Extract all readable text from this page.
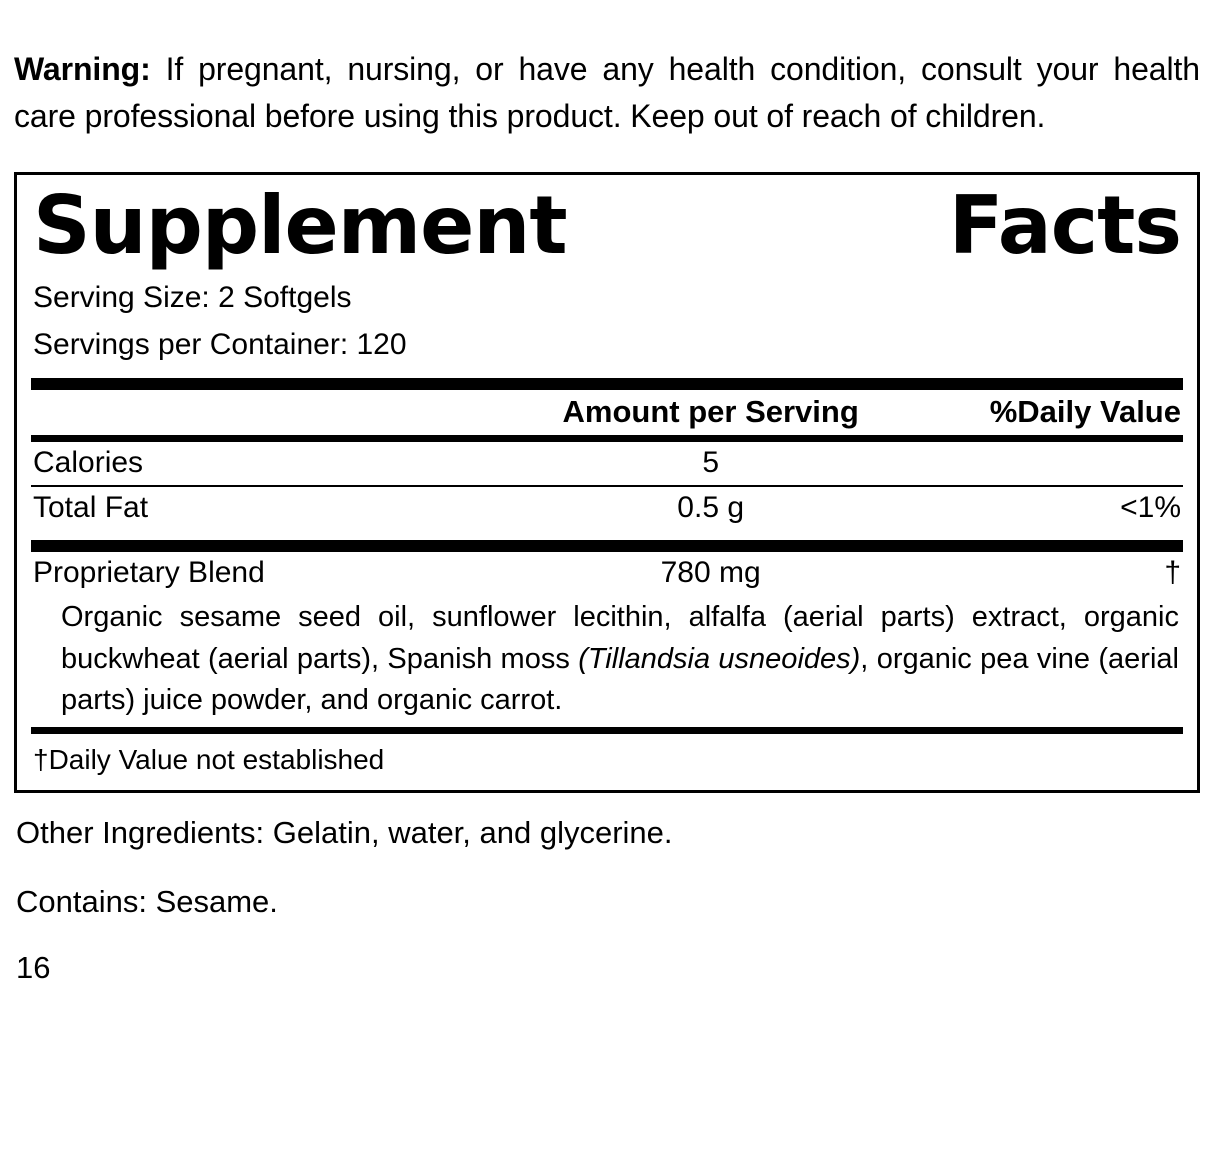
Warning: If pregnant, nursing, or have any health condition, consult your health care professional before using this product. Keep out of reach of children.

Supplement	Facts
Serving Size: 2 Softgels
Servings per Container: 120
	Amount per Serving	%Daily Value
Calories	5	
Total Fat	0.5 g	<1%
Proprietary Blend	780 mg	†
Organic sesame seed oil, sunflower lecithin, alfalfa (aerial parts) extract, organic buckwheat (aerial parts), Spanish moss (Tillandsia usneoides), organic pea vine (aerial parts) juice powder, and organic carrot.
†Daily Value not established
Other Ingredients: Gelatin, water, and glycerine.
Contains: Sesame.
16
